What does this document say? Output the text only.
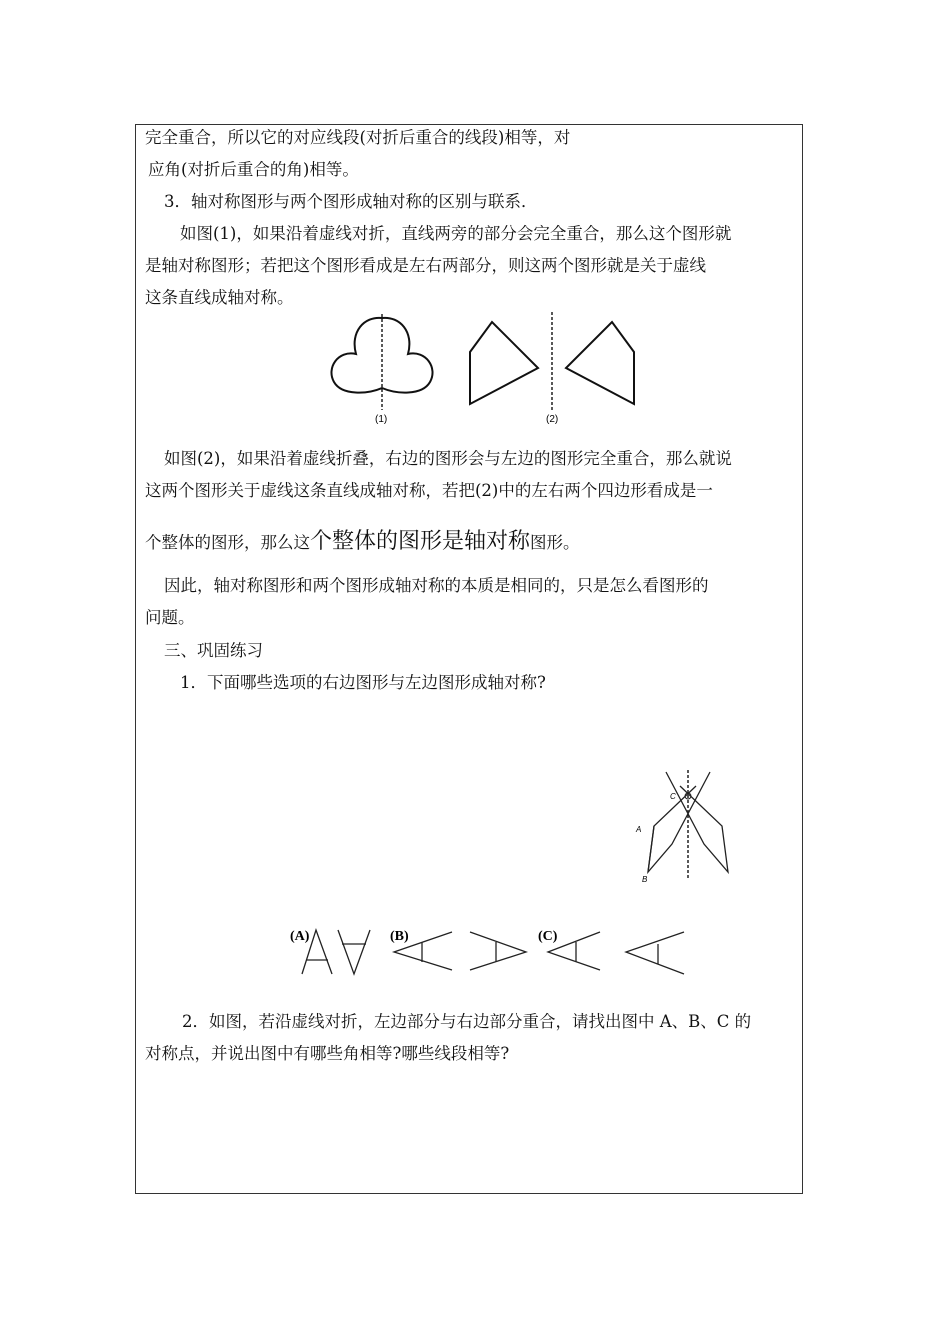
完全重合，所以它的对应线段(对折后重合的线段)相等，对
应角(对折后重合的角)相等。
3．轴对称图形与两个图形成轴对称的区别与联系．
如图(1)，如果沿着虚线对折，直线两旁的部分会完全重合，那么这个图形就
是轴对称图形；若把这个图形看成是左右两部分，则这两个图形就是关于虚线
这条直线成轴对称。
(1)	(2)
如图(2)，如果沿着虚线折叠，右边的图形会与左边的图形完全重合，那么就说
这两个图形关于虚线这条直线成轴对称，若把(2)中的左右两个四边形看成是一
个整体的图形，那么这个整体的图形是轴对称图形。
因此，轴对称图形和两个图形成轴对称的本质是相同的，只是怎么看图形的
问题。
三、巩固练习
1．下面哪些选项的右边图形与左边图形成轴对称?
C
A
B
(A)	(B)	(C)
2．如图，若沿虚线对折，左边部分与右边部分重合，请找出图中 A、B、C 的
对称点，并说出图中有哪些角相等?哪些线段相等?
